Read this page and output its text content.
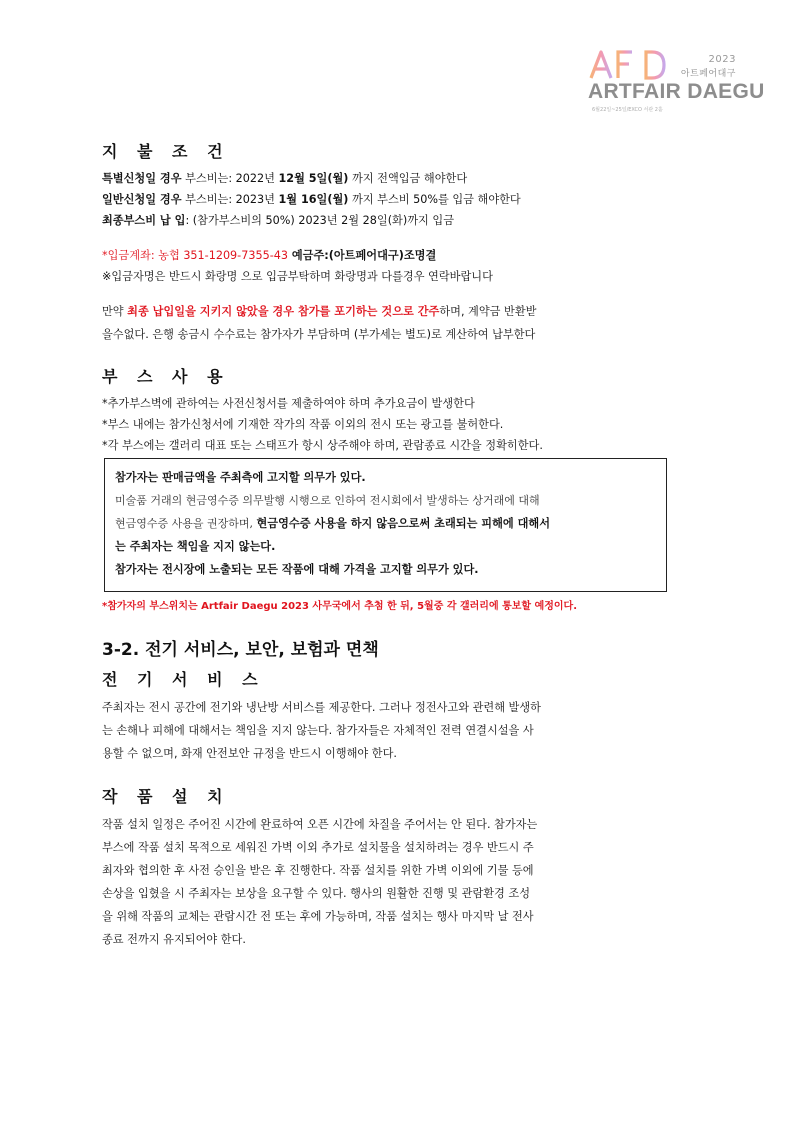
2023
아트페어대구
ARTFAIR DAEGU
6월22일~25일/EXCO 서관 2홀
지 불 조 건
특별신청일 경우 부스비는: 2022년 12월 5일(월) 까지 전액입금 해야한다
일반신청일 경우 부스비는: 2023년 1월 16일(월) 까지 부스비 50%를 입금 해야한다
최종부스비 납 입: (참가부스비의 50%) 2023년 2월 28일(화)까지 입금
*입금계좌: 농협 351-1209-7355-43 예금주:(아트페어대구)조명결
※입금자명은 반드시 화랑명 으로 입금부탁하며 화랑명과 다를경우 연락바랍니다
만약 최종 납입일을 지키지 않았을 경우 참가를 포기하는 것으로 간주하며, 계약금 반환받
을수없다. 은행 송금시 수수료는 참가자가 부담하며 (부가세는 별도)로 계산하여 납부한다
부 스 사 용
*추가부스벽에 관하여는 사전신청서를 제출하여야 하며 추가요금이 발생한다
*부스 내에는 참가신청서에 기재한 작가의 작품 이외의 전시 또는 광고를 불허한다.
*각 부스에는 갤러리 대표 또는 스태프가 항시 상주해야 하며, 관람종료 시간을 정확히한다.
참가자는 판매금액을 주최측에 고지할 의무가 있다.
미술품 거래의 현금영수증 의무발행 시행으로 인하여 전시회에서 발생하는 상거래에 대해
현금영수증 사용을 권장하며, 현금영수증 사용을 하지 않음으로써 초래되는 피해에 대해서
는 주최자는 책임을 지지 않는다.
참가자는 전시장에 노출되는 모든 작품에 대해 가격을 고지할 의무가 있다.
*참가자의 부스위치는 Artfair Daegu 2023 사무국에서 추첨 한 뒤, 5월중 각 갤러리에 통보할 예정이다.
3-2. 전기 서비스, 보안, 보험과 면책
전 기 서 비 스
주최자는 전시 공간에 전기와 냉난방 서비스를 제공한다. 그러나 정전사고와 관련해 발생하
는 손해나 피해에 대해서는 책임을 지지 않는다. 참가자들은 자체적인 전력 연결시설을 사
용할 수 없으며, 화재 안전보안 규정을 반드시 이행해야 한다.
작 품 설 치
작품 설치 일정은 주어진 시간에 완료하여 오픈 시간에 차질을 주어서는 안 된다. 참가자는
부스에 작품 설치 목적으로 세워진 가벽 이외 추가로 설치물을 설치하려는 경우 반드시 주
최자와 협의한 후 사전 승인을 받은 후 진행한다. 작품 설치를 위한 가벽 이외에 기물 등에
손상을 입혔을 시 주최자는 보상을 요구할 수 있다. 행사의 원활한 진행 및 관람환경 조성
을 위해 작품의 교체는 관람시간 전 또는 후에 가능하며, 작품 설치는 행사 마지막 날 전사
종료 전까지 유지되어야 한다.
